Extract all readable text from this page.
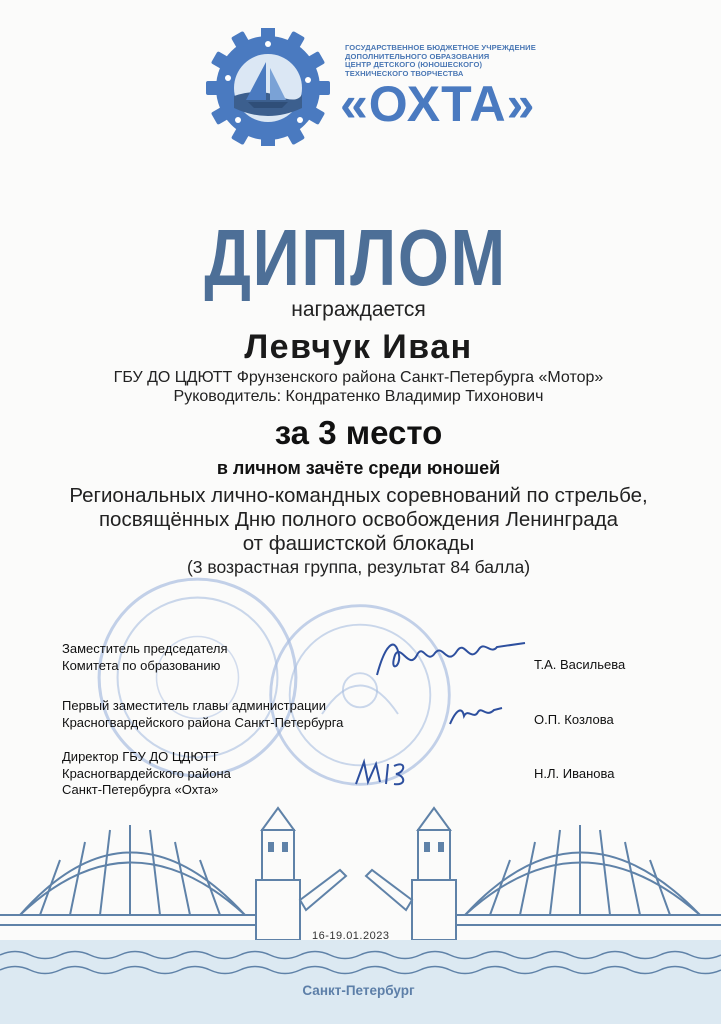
ГОСУДАРСТВЕННОЕ БЮДЖЕТНОЕ УЧРЕЖДЕНИЕ
ДОПОЛНИТЕЛЬНОГО ОБРАЗОВАНИЯ
ЦЕНТР ДЕТСКОГО (ЮНОШЕСКОГО)
ТЕХНИЧЕСКОГО ТВОРЧЕСТВА
«ОХТА»
ДИПЛОМ
награждается
Левчук Иван
ГБУ ДО ЦДЮТТ Фрунзенского района Санкт-Петербурга «Мотор»
Руководитель: Кондратенко Владимир Тихонович
за 3 место
в личном зачёте среди юношей
Региональных лично-командных соревнований по стрельбе,
посвящённых Дню полного освобождения Ленинграда
от фашистской блокады
(3 возрастная группа, результат 84 балла)
Заместитель председателя
Комитета по образованию
Первый заместитель главы администрации
Красногвардейского района Санкт-Петербурга
Директор ГБУ ДО ЦДЮТТ
Красногвардейского района
Санкт-Петербурга «Охта»
Т.А. Васильева
О.П. Козлова
Н.Л. Иванова
16-19.01.2023
Санкт-Петербург
